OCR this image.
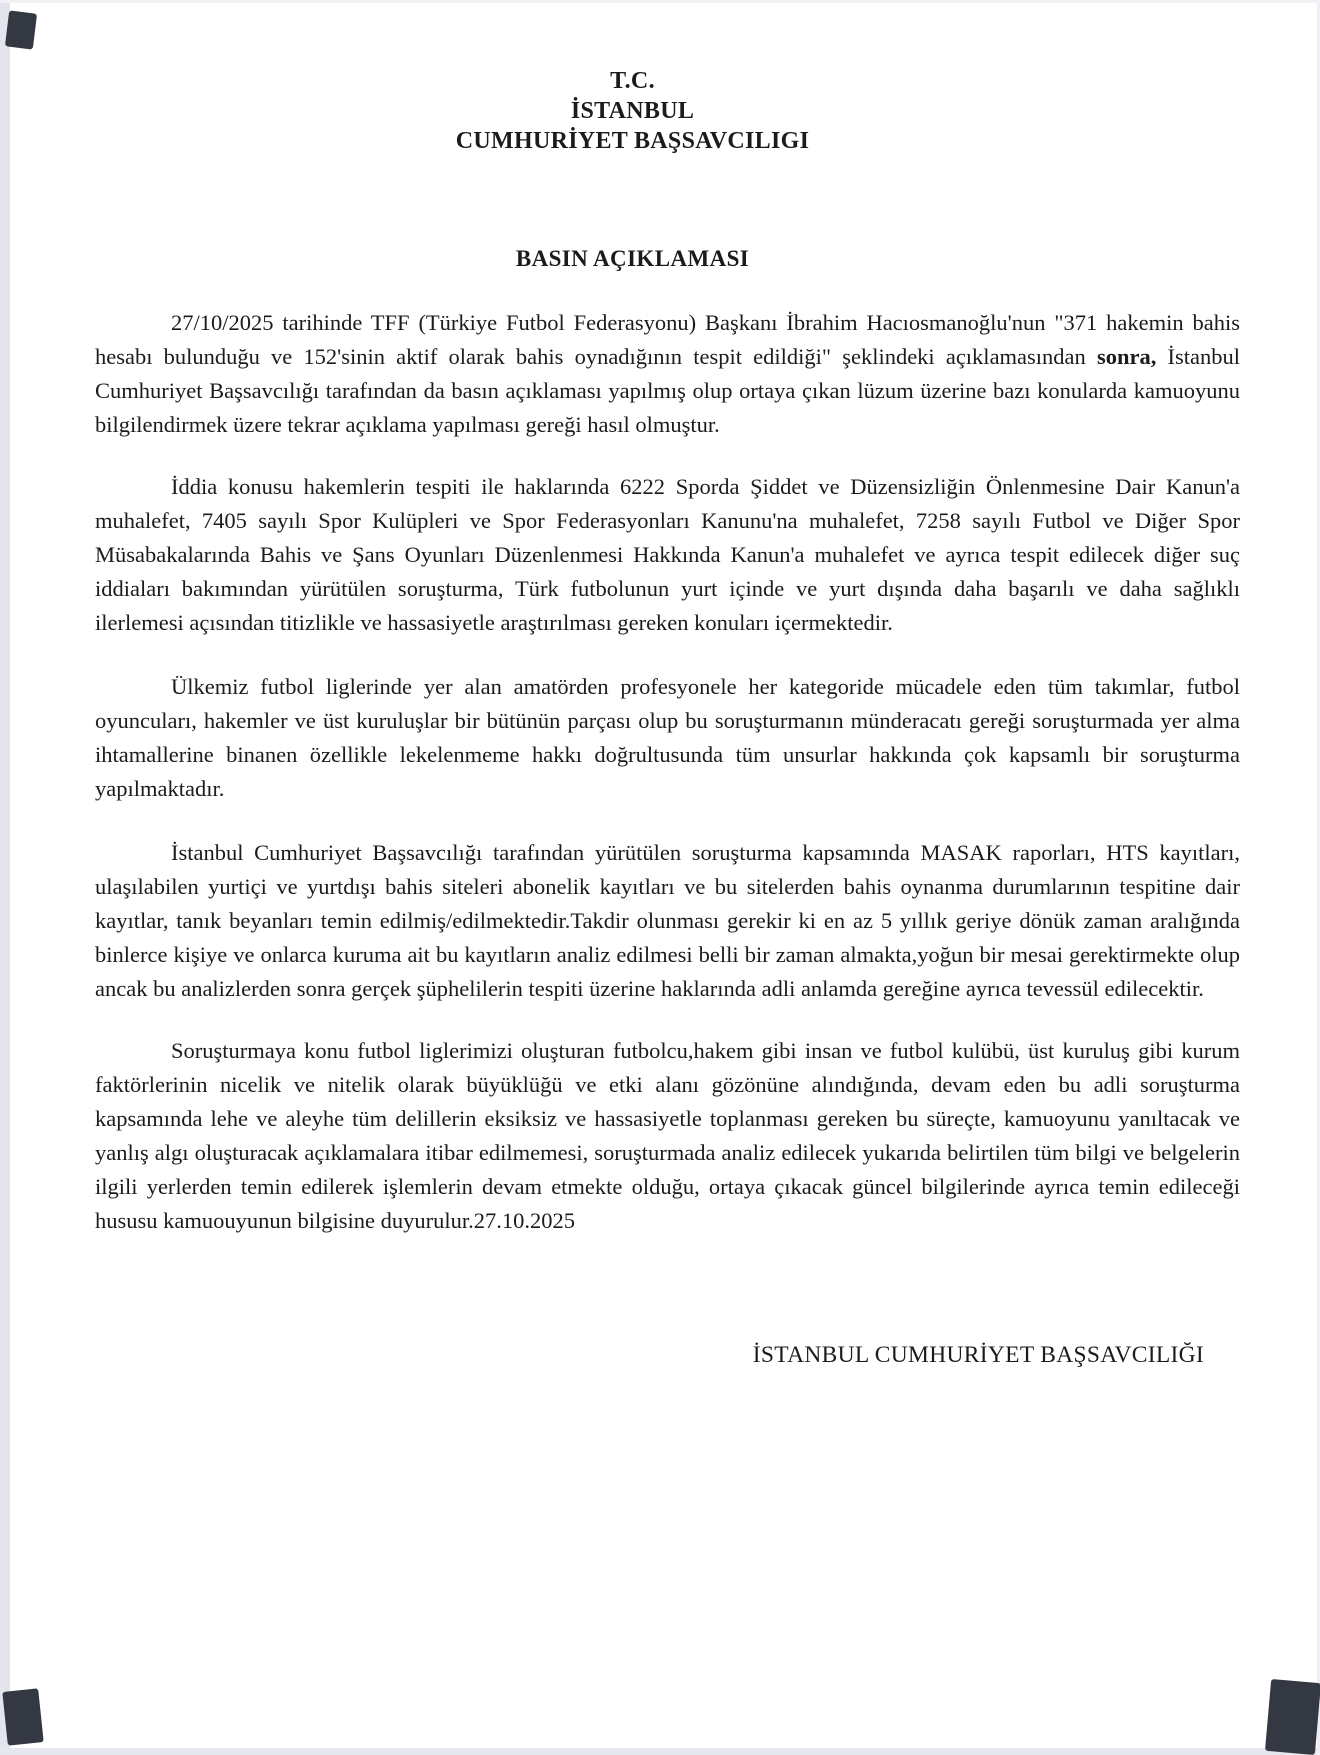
T.C.
İSTANBUL
CUMHURİYET BAŞSAVCILIGI
BASIN AÇIKLAMASI

27/10/2025 tarihinde TFF (Türkiye Futbol Federasyonu) Başkanı İbrahim Hacıosmanoğlu'nun "371 hakemin bahis hesabı bulunduğu ve 152'sinin aktif olarak bahis oynadığının tespit edildiği" şeklindeki açıklamasından sonra, İstanbul Cumhuriyet Başsavcılığı tarafından da basın açıklaması yapılmış olup ortaya çıkan lüzum üzerine bazı konularda kamuoyunu bilgilendirmek üzere tekrar açıklama yapılması gereği hasıl olmuştur.

İddia konusu hakemlerin tespiti ile haklarında 6222 Sporda Şiddet ve Düzensizliğin Önlenmesine Dair Kanun'a muhalefet, 7405 sayılı Spor Kulüpleri ve Spor Federasyonları Kanunu'na muhalefet, 7258 sayılı Futbol ve Diğer Spor Müsabakalarında Bahis ve Şans Oyunları Düzenlenmesi Hakkında Kanun'a muhalefet ve ayrıca tespit edilecek diğer suç iddiaları bakımından yürütülen soruşturma, Türk futbolunun yurt içinde ve yurt dışında daha başarılı ve daha sağlıklı ilerlemesi açısından titizlikle ve hassasiyetle araştırılması gereken konuları içermektedir.

Ülkemiz futbol liglerinde yer alan amatörden profesyonele her kategoride mücadele eden tüm takımlar, futbol oyuncuları, hakemler ve üst kuruluşlar bir bütünün parçası olup bu soruşturmanın münderacatı gereği soruşturmada yer alma ihtamallerine binanen özellikle lekelenmeme hakkı doğrultusunda tüm unsurlar hakkında çok kapsamlı bir soruşturma yapılmaktadır.

İstanbul Cumhuriyet Başsavcılığı tarafından yürütülen soruşturma kapsamında MASAK raporları, HTS kayıtları, ulaşılabilen yurtiçi ve yurtdışı bahis siteleri abonelik kayıtları ve bu sitelerden bahis oynanma durumlarının tespitine dair kayıtlar, tanık beyanları temin edilmiş/edilmektedir.Takdir olunması gerekir ki en az 5 yıllık geriye dönük zaman aralığında binlerce kişiye ve onlarca kuruma ait bu kayıtların analiz edilmesi belli bir zaman almakta,yoğun bir mesai gerektirmekte olup ancak bu analizlerden sonra gerçek şüphelilerin tespiti üzerine haklarında adli anlamda gereğine ayrıca tevessül edilecektir.

Soruşturmaya konu futbol liglerimizi oluşturan futbolcu,hakem gibi insan ve futbol kulübü, üst kuruluş gibi kurum faktörlerinin nicelik ve nitelik olarak büyüklüğü ve etki alanı gözönüne alındığında, devam eden bu adli soruşturma kapsamında lehe ve aleyhe tüm delillerin eksiksiz ve hassasiyetle toplanması gereken bu süreçte, kamuoyunu yanıltacak ve yanlış algı oluşturacak açıklamalara itibar edilmemesi, soruşturmada analiz edilecek yukarıda belirtilen tüm bilgi ve belgelerin ilgili yerlerden temin edilerek işlemlerin devam etmekte olduğu, ortaya çıkacak güncel bilgilerinde ayrıca temin edileceği hususu kamuouyunun bilgisine duyurulur.27.10.2025

İSTANBUL CUMHURİYET BAŞSAVCILIĞI
